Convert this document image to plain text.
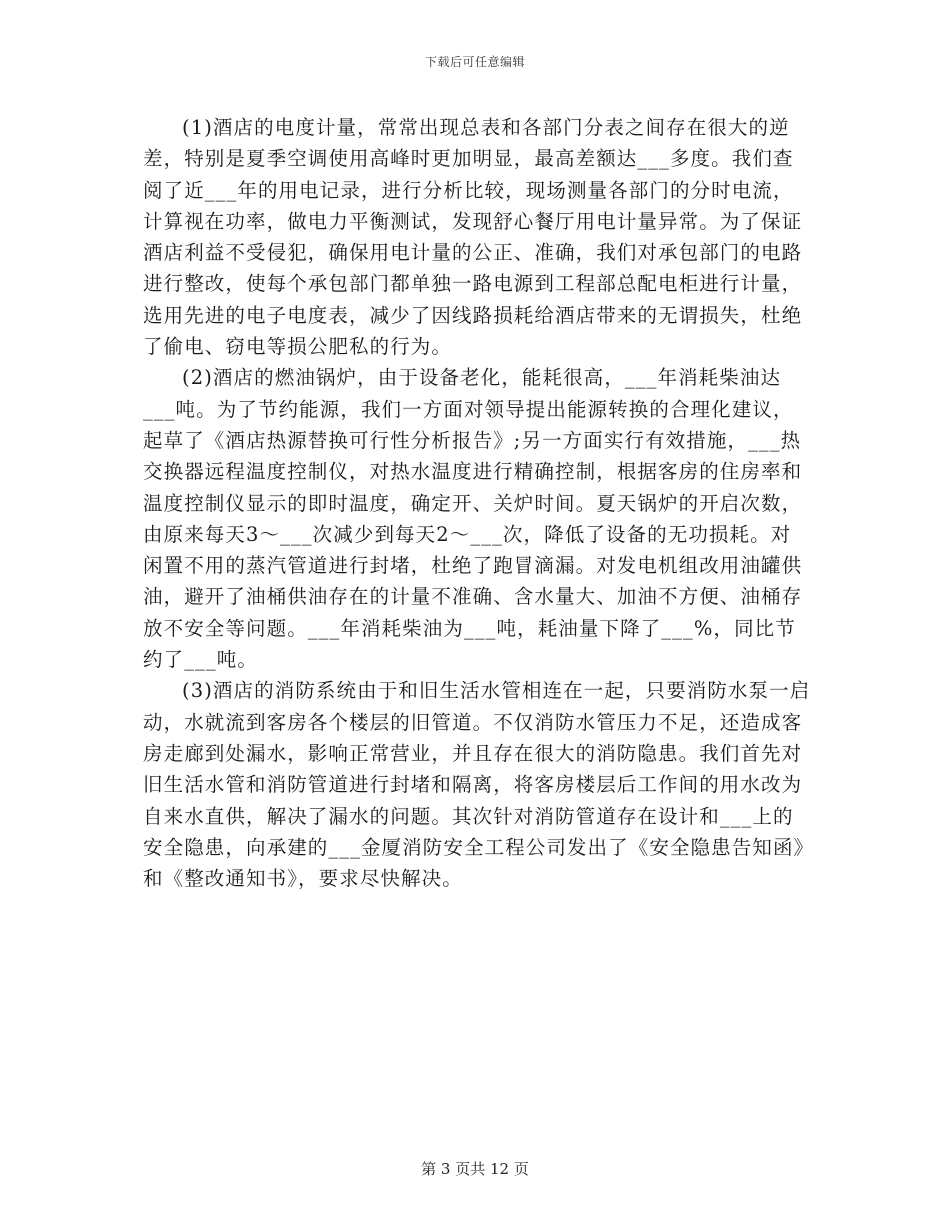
下载后可任意编辑

(1)酒店的电度计量，常常出现总表和各部门分表之间存在很大的逆差，特别是夏季空调使用高峰时更加明显，最高差额达___多度。我们查阅了近___年的用电记录，进行分析比较，现场测量各部门的分时电流，计算视在功率，做电力平衡测试，发现舒心餐厅用电计量异常。为了保证酒店利益不受侵犯，确保用电计量的公正、准确，我们对承包部门的电路进行整改，使每个承包部门都单独一路电源到工程部总配电柜进行计量，选用先进的电子电度表，减少了因线路损耗给酒店带来的无谓损失，杜绝了偷电、窃电等损公肥私的行为。

(2)酒店的燃油锅炉，由于设备老化，能耗很高，___年消耗柴油达___吨。为了节约能源，我们一方面对领导提出能源转换的合理化建议，起草了《酒店热源替换可行性分析报告》;另一方面实行有效措施，___热交换器远程温度控制仪，对热水温度进行精确控制，根据客房的住房率和温度控制仪显示的即时温度，确定开、关炉时间。夏天锅炉的开启次数，由原来每天3～___次减少到每天2～___次，降低了设备的无功损耗。对闲置不用的蒸汽管道进行封堵，杜绝了跑冒滴漏。对发电机组改用油罐供油，避开了油桶供油存在的计量不准确、含水量大、加油不方便、油桶存放不安全等问题。___年消耗柴油为___吨，耗油量下降了___%，同比节约了___吨。

(3)酒店的消防系统由于和旧生活水管相连在一起，只要消防水泵一启动，水就流到客房各个楼层的旧管道。不仅消防水管压力不足，还造成客房走廊到处漏水，影响正常营业，并且存在很大的消防隐患。我们首先对旧生活水管和消防管道进行封堵和隔离，将客房楼层后工作间的用水改为自来水直供，解决了漏水的问题。其次针对消防管道存在设计和___上的安全隐患，向承建的___金厦消防安全工程公司发出了《安全隐患告知函》和《整改通知书》，要求尽快解决。

第 3 页共 12 页
